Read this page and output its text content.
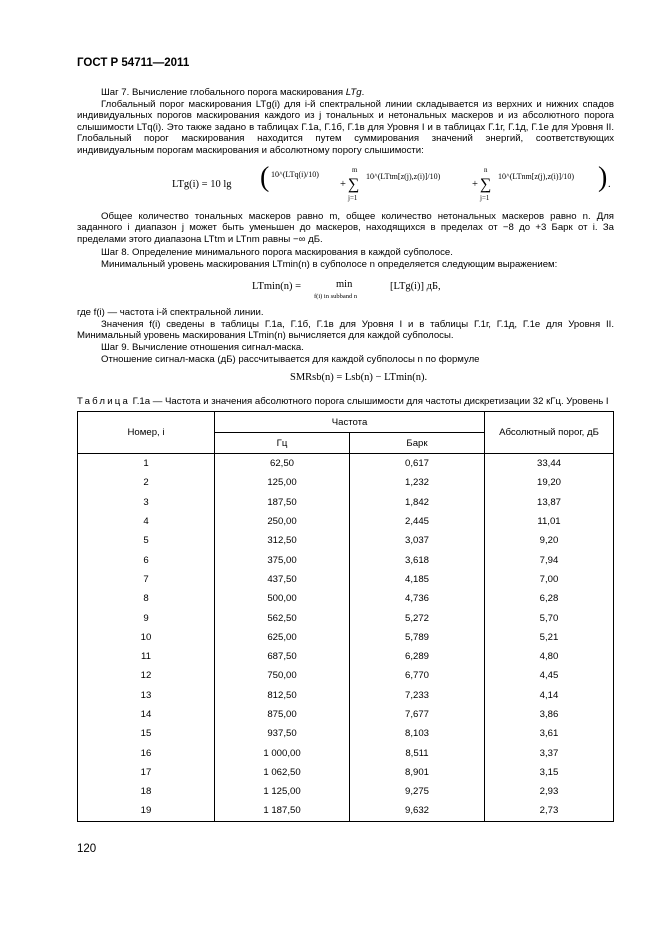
ГОСТ Р 54711—2011
Шаг 7. Вычисление глобального порога маскирования LTg.
Глобальный порог маскирования LTg(i) для i-й спектральной линии складывается из верхних и нижних спадов индивидуальных порогов маскирования каждого из j тональных и нетональных маскеров и из абсолютного порога слышимости LTq(i). Это также задано в таблицах Г.1а, Г.1б, Г.1в для Уровня I и в таблицах Г.1г, Г.1д, Г.1е для Уровня II. Глобальный порог маскирования находится путем суммирования значений энергий, соответствующих индивидуальным порогам маскирования и абсолютному порогу слышимости:
LTg(i) = 10 lg ( 10^(LTq(i)/10)
+
m
∑
j=1
10^(LTtm[z(j),z(i)]/10)
+
n
∑
j=1
10^(LTnm[z(j),z(i)]/10) ) .
Общее количество тональных маскеров равно m, общее количество нетональных маскеров равно n. Для заданного i диапазон j может быть уменьшен до маскеров, находящихся в пределах от −8 до +3 Барк от i. За пределами этого диапазона LTtm и LTnm равны −∞ дБ.
Шаг 8. Определение минимального порога маскирования в каждой субполосе.
Минимальный уровень маскирования LTmin(n) в субполосе n определяется следующим выражением:
LTmin(n) =	min
f(i) in subband n
[LTg(i)] дБ,
где f(i) — частота i-й спектральной линии.
Значения f(i) сведены в таблицы Г.1а, Г.1б, Г.1в для Уровня I и в таблицы Г.1г, Г.1д, Г.1е для Уровня II. Минимальный уровень маскирования LTmin(n) вычисляется для каждой субполосы.
Шаг 9. Вычисление отношения сигнал-маска.
Отношение сигнал-маска (дБ) рассчитывается для каждой субполосы n по формуле
SMRsb(n) = Lsb(n) − LTmin(n).
Таблица Г.1а — Частота и значения абсолютного порога слышимости для частоты дискретизации 32 кГц. Уровень I
Номер, i	Частота		Абсолютный порог, дБ
	Гц	Барк	
1	62,50	0,617	33,44
2	125,00	1,232	19,20
3	187,50	1,842	13,87
4	250,00	2,445	11,01
5	312,50	3,037	9,20
6	375,00	3,618	7,94
7	437,50	4,185	7,00
8	500,00	4,736	6,28
9	562,50	5,272	5,70
10	625,00	5,789	5,21
11	687,50	6,289	4,80
12	750,00	6,770	4,45
13	812,50	7,233	4,14
14	875,00	7,677	3,86
15	937,50	8,103	3,61
16	1 000,00	8,511	3,37
17	1 062,50	8,901	3,15
18	1 125,00	9,275	2,93
19	1 187,50	9,632	2,73
120
